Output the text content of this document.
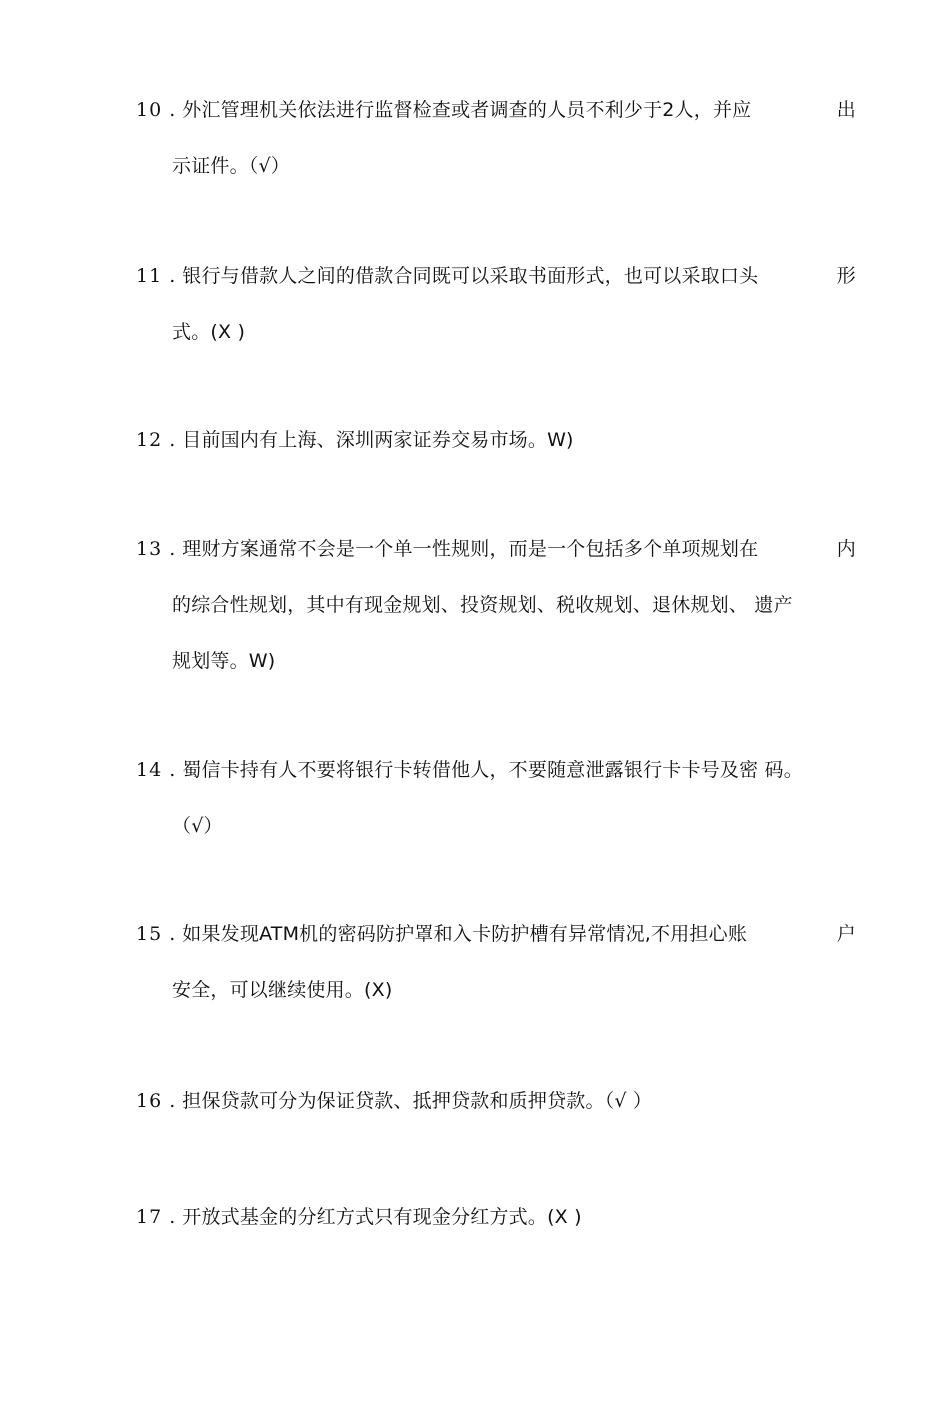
10 . 外汇管理机关依法进行监督检查或者调查的人员不利少于2人，并应	出
示证件。（√）
11 . 银行与借款人之间的借款合同既可以采取书面形式，也可以采取口头	形
式。(X )
12 . 目前国内有上海、深圳两家证券交易市场。W)
13 . 理财方案通常不会是一个单一性规则，而是一个包括多个单项规划在	内
的综合性规划，其中有现金规划、投资规划、税收规划、退休规划、 遗产
规划等。W)
14 . 蜀信卡持有人不要将银行卡转借他人，不要随意泄露银行卡卡号及密 码。
（√）
15 . 如果发现ATM机的密码防护罩和入卡防护槽有异常情况,不用担心账	户
安全，可以继续使用。(X)
16 . 担保贷款可分为保证贷款、抵押贷款和质押贷款。（√ ）
17 . 开放式基金的分红方式只有现金分红方式。(X )
